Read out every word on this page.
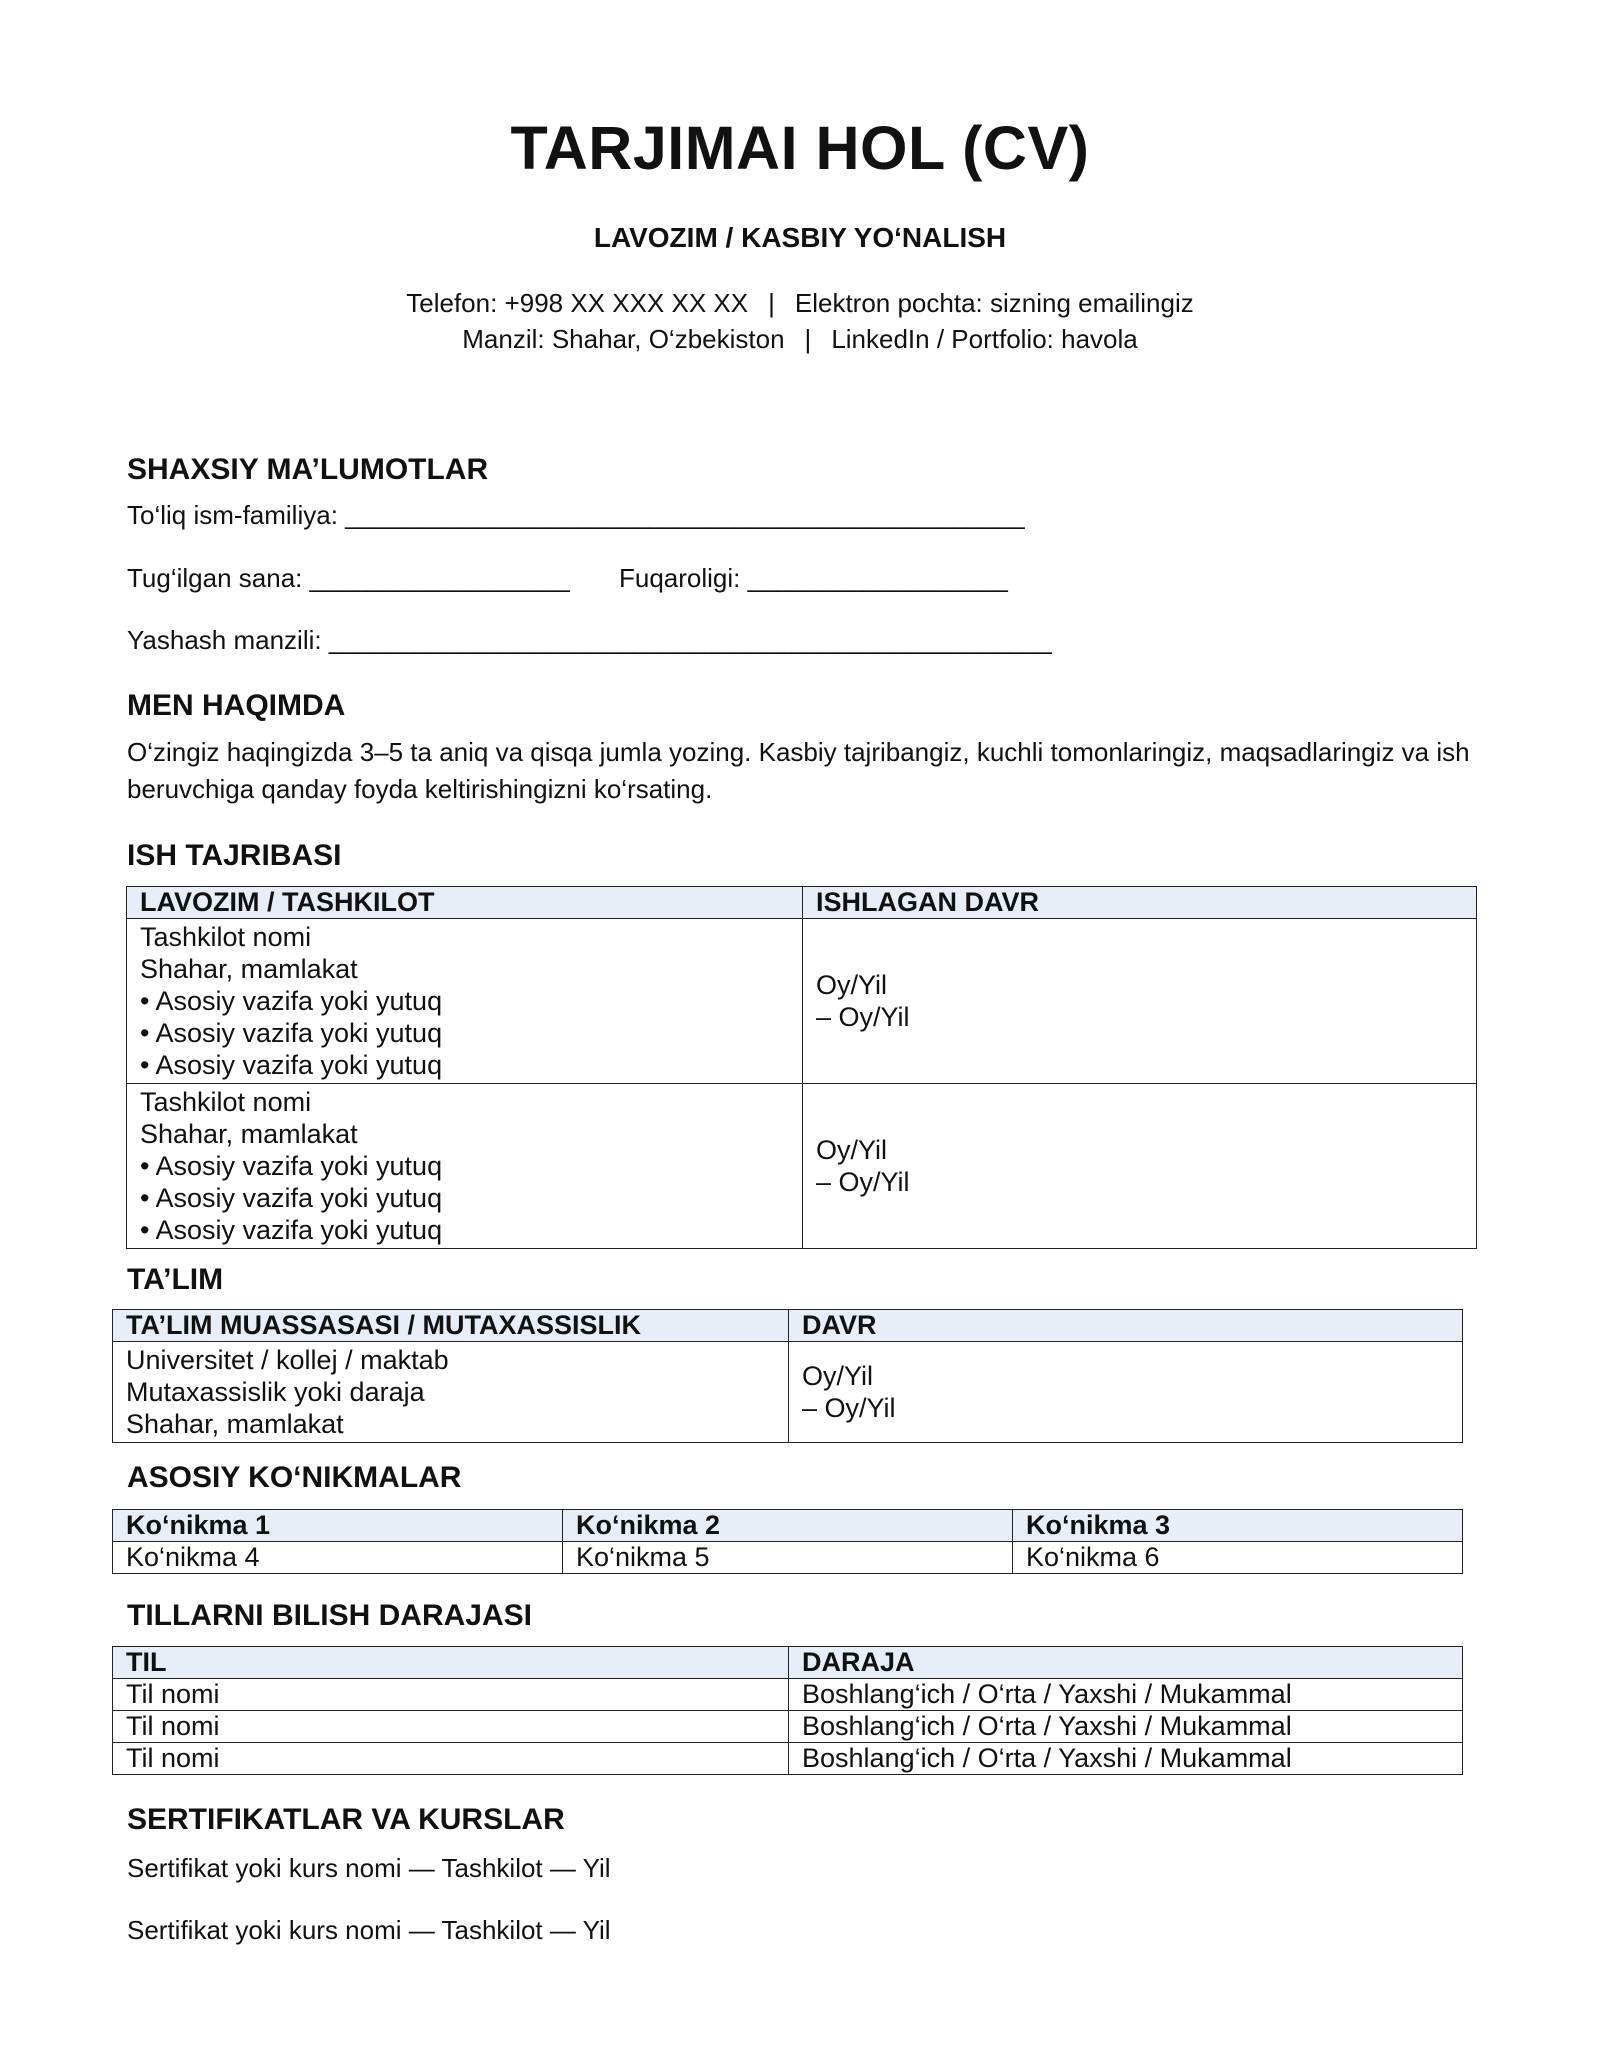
TARJIMAI HOL (CV)
LAVOZIM / KASBIY YO‘NALISH
Telefon: +998 XX XXX XX XX | Elektron pochta: sizning emailingiz
Manzil: Shahar, O‘zbekiston | LinkedIn / Portfolio: havola
SHAXSIY MA’LUMOTLAR
To‘liq ism-familiya: _______________________________________________
Tug‘ilgan sana: __________________ Fuqaroligi: __________________
Yashash manzili: __________________________________________________
MEN HAQIMDA
O‘zingiz haqingizda 3–5 ta aniq va qisqa jumla yozing. Kasbiy tajribangiz, kuchli tomonlaringiz, maqsadlaringiz va ish beruvchiga qanday foyda keltirishingizni ko‘rsating.
ISH TAJRIBASI
LAVOZIM / TASHKILOT	ISHLAGAN DAVR

Tashkilot nomi
Shahar, mamlakat
• Asosiy vazifa yoki yutuq
• Asosiy vazifa yoki yutuq
• Asosiy vazifa yoki yutuq	Oy/Yil
– Oy/Yil

Tashkilot nomi
Shahar, mamlakat
• Asosiy vazifa yoki yutuq
• Asosiy vazifa yoki yutuq
• Asosiy vazifa yoki yutuq	Oy/Yil
– Oy/Yil
TA’LIM
TA’LIM MUASSASASI / MUTAXASSISLIK	DAVR

Universitet / kollej / maktab
Mutaxassislik yoki daraja
Shahar, mamlakat	Oy/Yil
– Oy/Yil
ASOSIY KO‘NIKMALAR
Ko‘nikma 1	Ko‘nikma 2	Ko‘nikma 3
Ko‘nikma 4	Ko‘nikma 5	Ko‘nikma 6
TILLARNI BILISH DARAJASI
TIL	DARAJA
Til nomi	Boshlang‘ich / O‘rta / Yaxshi / Mukammal
Til nomi	Boshlang‘ich / O‘rta / Yaxshi / Mukammal
Til nomi	Boshlang‘ich / O‘rta / Yaxshi / Mukammal
SERTIFIKATLAR VA KURSLAR
Sertifikat yoki kurs nomi — Tashkilot — Yil
Sertifikat yoki kurs nomi — Tashkilot — Yil
